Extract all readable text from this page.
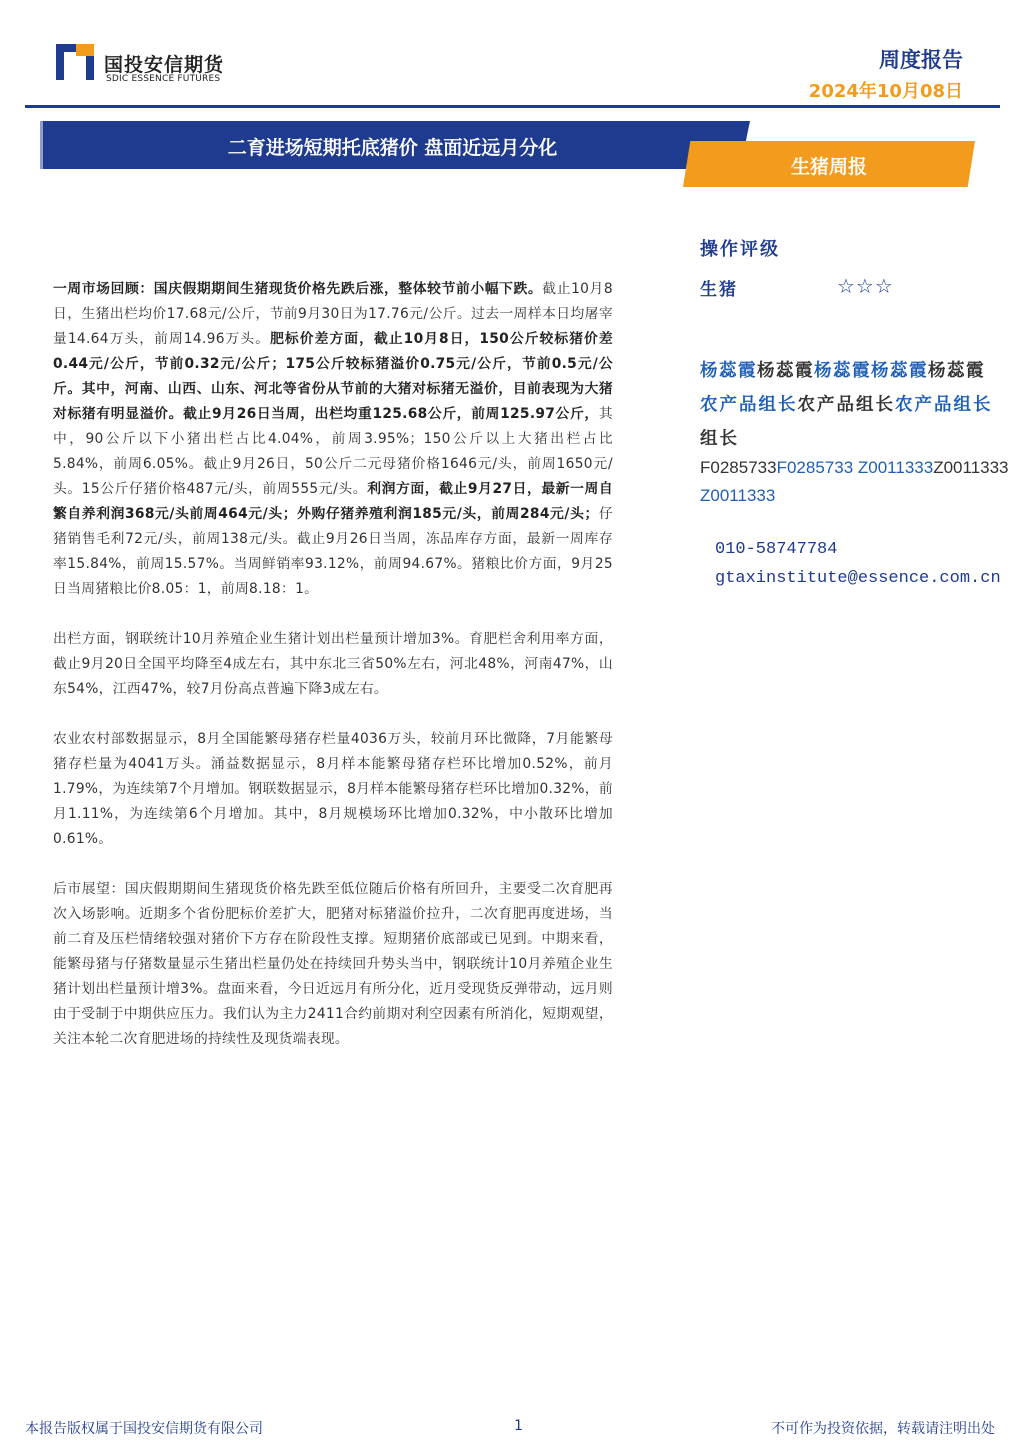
国投安信期货
SDIC ESSENCE FUTURES
周度报告
2024年10月08日
二育进场短期托底猪价 盘面近远月分化
生猪周报

一周市场回顾：国庆假期期间生猪现货价格先跌后涨，整体较节前小幅下跌。截止10月8日，生猪出栏均价17.68元/公斤，节前9月30日为17.76元/公斤。过去一周样本日均屠宰量14.64万头，前周14.96万头。肥标价差方面，截止10月8日，150公斤较标猪价差0.44元/公斤，节前0.32元/公斤；175公斤较标猪溢价0.75元/公斤，节前0.5元/公斤。其中，河南、山西、山东、河北等省份从节前的大猪对标猪无溢价，目前表现为大猪对标猪有明显溢价。截止9月26日当周，出栏均重125.68公斤，前周125.97公斤，其中，90公斤以下小猪出栏占比4.04%，前周3.95%；150公斤以上大猪出栏占比5.84%，前周6.05%。截止9月26日，50公斤二元母猪价格1646元/头，前周1650元/头。15公斤仔猪价格487元/头，前周555元/头。利润方面，截止9月27日，最新一周自繁自养利润368元/头前周464元/头；外购仔猪养殖利润185元/头，前周284元/头；仔猪销售毛利72元/头，前周138元/头。截止9月26日当周，冻品库存方面，最新一周库存率15.84%，前周15.57%。当周鲜销率93.12%，前周94.67%。猪粮比价方面，9月25日当周猪粮比价8.05：1，前周8.18：1。

出栏方面，钢联统计10月养殖企业生猪计划出栏量预计增加3%。育肥栏舍利用率方面，截止9月20日全国平均降至4成左右，其中东北三省50%左右，河北48%，河南47%，山东54%，江西47%，较7月份高点普遍下降3成左右。

农业农村部数据显示，8月全国能繁母猪存栏量4036万头，较前月环比微降，7月能繁母猪存栏量为4041万头。涌益数据显示，8月样本能繁母猪存栏环比增加0.52%，前月1.79%，为连续第7个月增加。钢联数据显示，8月样本能繁母猪存栏环比增加0.32%，前月1.11%，为连续第6个月增加。其中，8月规模场环比增加0.32%，中小散环比增加0.61%。

后市展望：国庆假期期间生猪现货价格先跌至低位随后价格有所回升，主要受二次育肥再次入场影响。近期多个省份肥标价差扩大，肥猪对标猪溢价拉升，二次育肥再度进场，当前二育及压栏情绪较强对猪价下方存在阶段性支撑。短期猪价底部或已见到。中期来看，能繁母猪与仔猪数量显示生猪出栏量仍处在持续回升势头当中，钢联统计10月养殖企业生猪计划出栏量预计增3%。盘面来看，今日近远月有所分化，近月受现货反弹带动，远月则由于受制于中期供应压力。我们认为主力2411合约前期对利空因素有所消化，短期观望，关注本轮二次育肥进场的持续性及现货端表现。

操作评级
生猪	☆☆☆
杨蕊霞杨蕊霞杨蕊霞杨蕊霞杨蕊霞
农产品组长农产品组长农产品组长
组长
F0285733F0285733 Z0011333Z0011333
Z0011333
010-58747784
gtaxinstitute@essence.com.cn
本报告版权属于国投安信期货有限公司	1	不可作为投资依据，转载请注明出处
